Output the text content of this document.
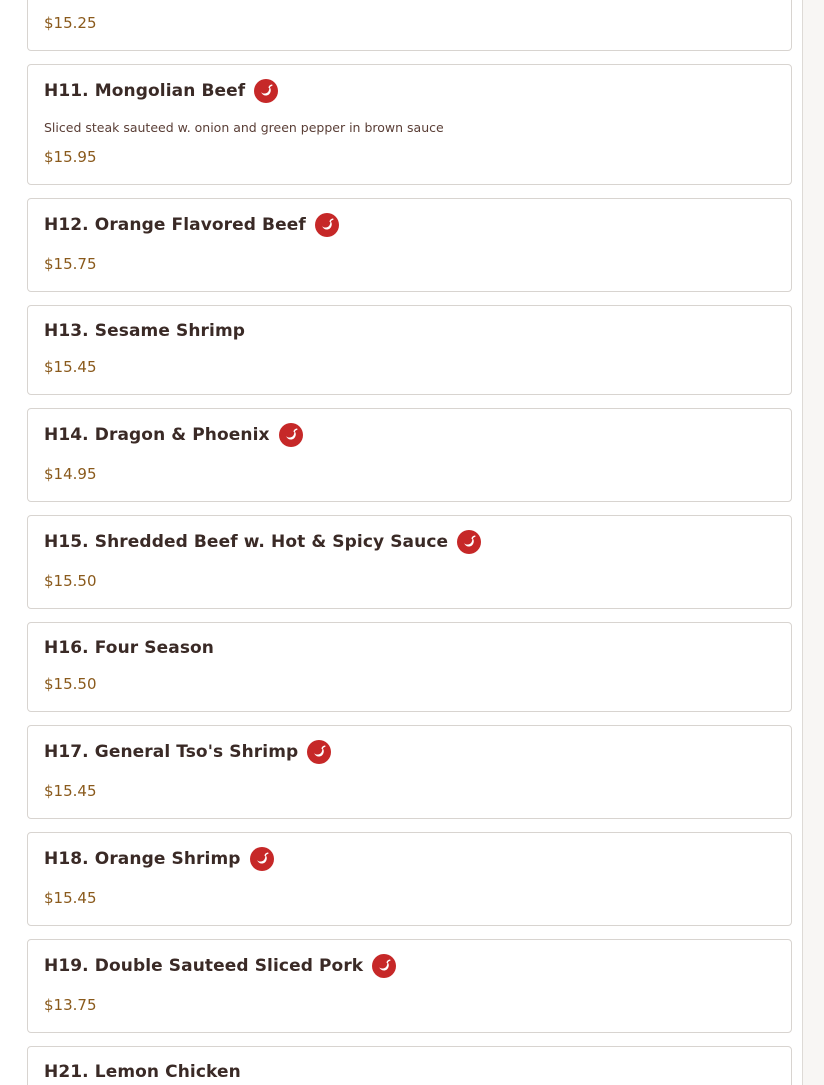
$15.25
H11. Mongolian Beef
Sliced steak sauteed w. onion and green pepper in brown sauce
$15.95
H12. Orange Flavored Beef
$15.75
H13. Sesame Shrimp
$15.45
H14. Dragon & Phoenix
$14.95
H15. Shredded Beef w. Hot & Spicy Sauce
$15.50
H16. Four Season
$15.50
H17. General Tso's Shrimp
$15.45
H18. Orange Shrimp
$15.45
H19. Double Sauteed Sliced Pork
$13.75
H21. Lemon Chicken
